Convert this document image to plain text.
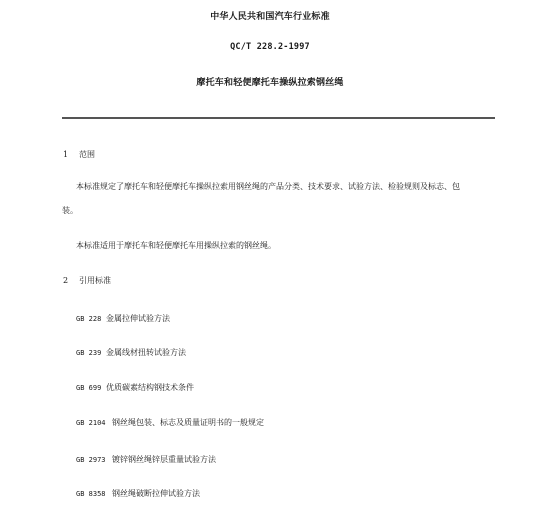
中华人民共和国汽车行业标准
QC/T 228.2-1997
摩托车和轻便摩托车操纵拉索钢丝绳
1 范围
本标准规定了摩托车和轻便摩托车操纵拉索用钢丝绳的产品分类、技术要求、试验方法、检验规则及标志、包
装。
本标准适用于摩托车和轻便摩托车用操纵拉索的钢丝绳。
2 引用标准
GB 228 金属拉伸试验方法
GB 239 金属线材扭转试验方法
GB 699 优质碳素结构钢技术条件
GB 2104 钢丝绳包装、标志及质量证明书的一般规定
GB 2973 镀锌钢丝绳锌层重量试验方法
GB 8358 钢丝绳破断拉伸试验方法
